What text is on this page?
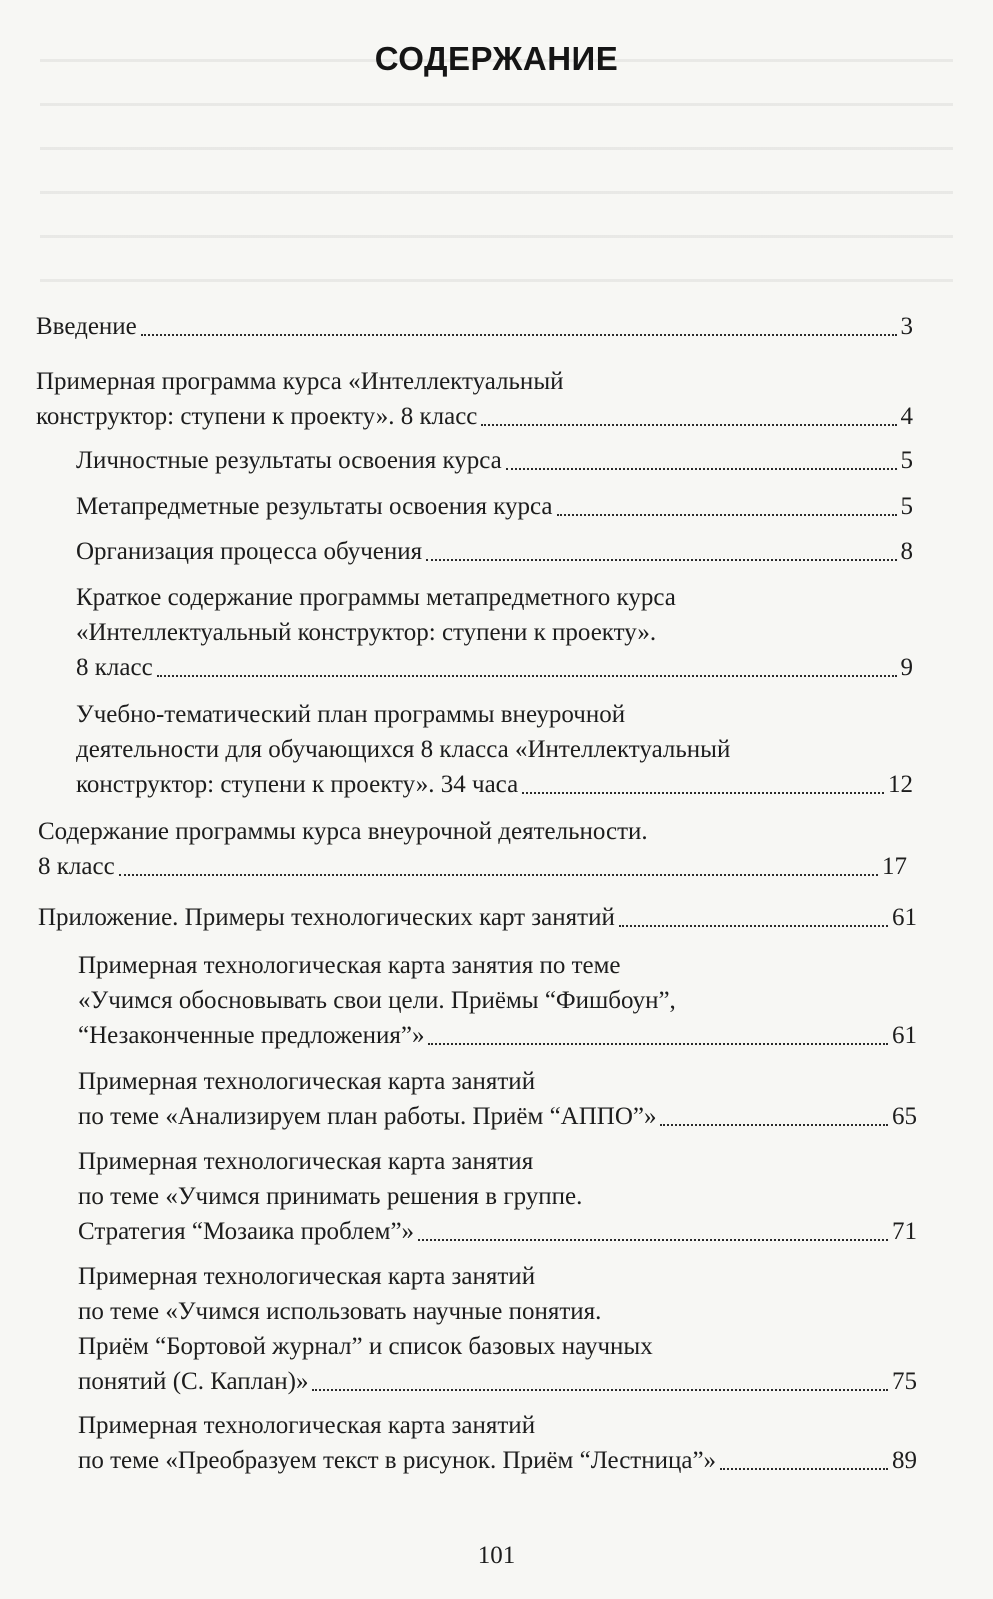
СОДЕРЖАНИЕ
Введение	3
Примерная программа курса «Интеллектуальный
конструктор: ступени к проекту». 8 класс	4
Личностные результаты освоения курса	5
Метапредметные результаты освоения курса	5
Организация процесса обучения	8
Краткое содержание программы метапредметного курса
«Интеллектуальный конструктор: ступени к проекту».
8 класс	9
Учебно-тематический план программы внеурочной
деятельности для обучающихся 8 класса «Интеллектуальный
конструктор: ступени к проекту». 34 часа	12
Содержание программы курса внеурочной деятельности.
8 класс	17
Приложение. Примеры технологических карт занятий	61
Примерная технологическая карта занятия по теме
«Учимся обосновывать свои цели. Приёмы “Фишбоун”,
“Незаконченные предложения”»	61
Примерная технологическая карта занятий
по теме «Анализируем план работы. Приём “АППО”»	65
Примерная технологическая карта занятия
по теме «Учимся принимать решения в группе.
Стратегия “Мозаика проблем”»	71
Примерная технологическая карта занятий
по теме «Учимся использовать научные понятия.
Приём “Бортовой журнал” и список базовых научных
понятий (С. Каплан)»	75
Примерная технологическая карта занятий
по теме «Преобразуем текст в рисунок. Приём “Лестница”»	89
101
